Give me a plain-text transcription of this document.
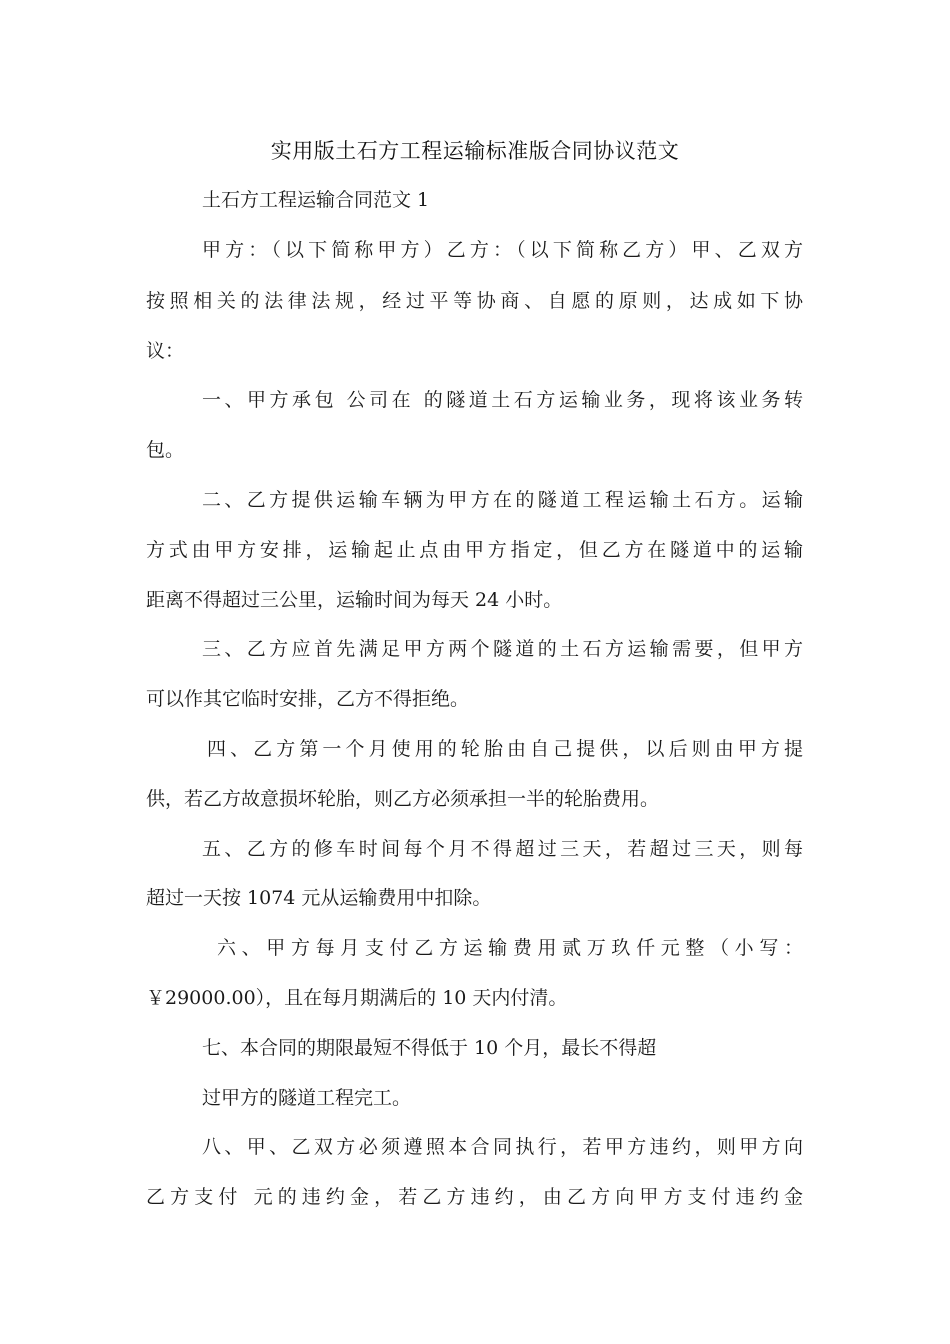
实用版土石方工程运输标准版合同协议范文
土石方工程运输合同范文 1
甲方：（以下简称甲方）乙方：（以下简称乙方）甲、乙双方
按照相关的法律法规，经过平等协商、自愿的原则，达成如下协
议：
一、甲方承包 公司在 的隧道土石方运输业务，现将该业务转
包。
二、乙方提供运输车辆为甲方在的隧道工程运输土石方。运输
方式由甲方安排，运输起止点由甲方指定，但乙方在隧道中的运输
距离不得超过三公里，运输时间为每天 24 小时。
三、乙方应首先满足甲方两个隧道的土石方运输需要，但甲方
可以作其它临时安排，乙方不得拒绝。
四、乙方第一个月使用的轮胎由自己提供，以后则由甲方提
供，若乙方故意损坏轮胎，则乙方必须承担一半的轮胎费用。
五、乙方的修车时间每个月不得超过三天，若超过三天，则每
超过一天按 1074 元从运输费用中扣除。
六、甲方每月支付乙方运输费用贰万玖仟元整（小写：
￥29000.00），且在每月期满后的 10 天内付清。
七、本合同的期限最短不得低于 10 个月，最长不得超
过甲方的隧道工程完工。
八、甲、乙双方必须遵照本合同执行，若甲方违约，则甲方向
乙方支付 元的违约金，若乙方违约，由乙方向甲方支付违约金
